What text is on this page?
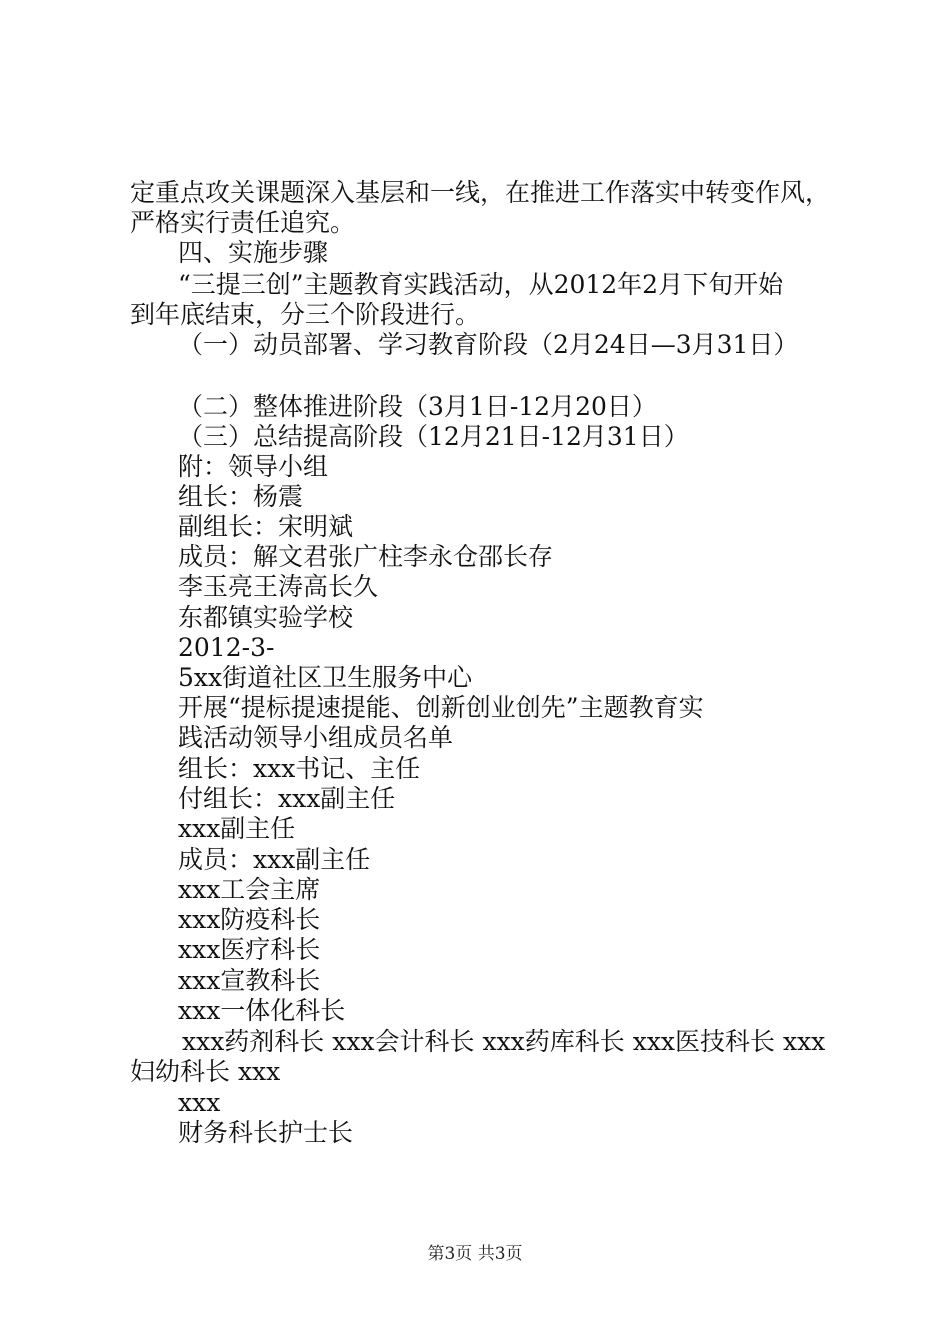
定重点攻关课题深入基层和一线，在推进工作落实中转变作风，
严格实行责任追究。
四、实施步骤
“三提三创”主题教育实践活动，从2012年2月下旬开始
到年底结束，分三个阶段进行。
（一）动员部署、学习教育阶段（2月24日—3月31日）
（二）整体推进阶段（3月1日-12月20日）
（三）总结提高阶段（12月21日-12月31日）
附：领导小组
组长：杨震
副组长：宋明斌
成员：解文君张广柱李永仓邵长存
李玉亮王涛高长久
东都镇实验学校
2012-3-
5xx街道社区卫生服务中心
开展“提标提速提能、创新创业创先”主题教育实
践活动领导小组成员名单
组长：xxx书记、主任
付组长：xxx副主任
xxx副主任
成员：xxx副主任
xxx工会主席
xxx防疫科长
xxx医疗科长
xxx宣教科长
xxx一体化科长
xxx药剂科长 xxx会计科长 xxx药库科长 xxx医技科长 xxx
妇幼科长 xxx
xxx
财务科长护士长
第3页 共3页
